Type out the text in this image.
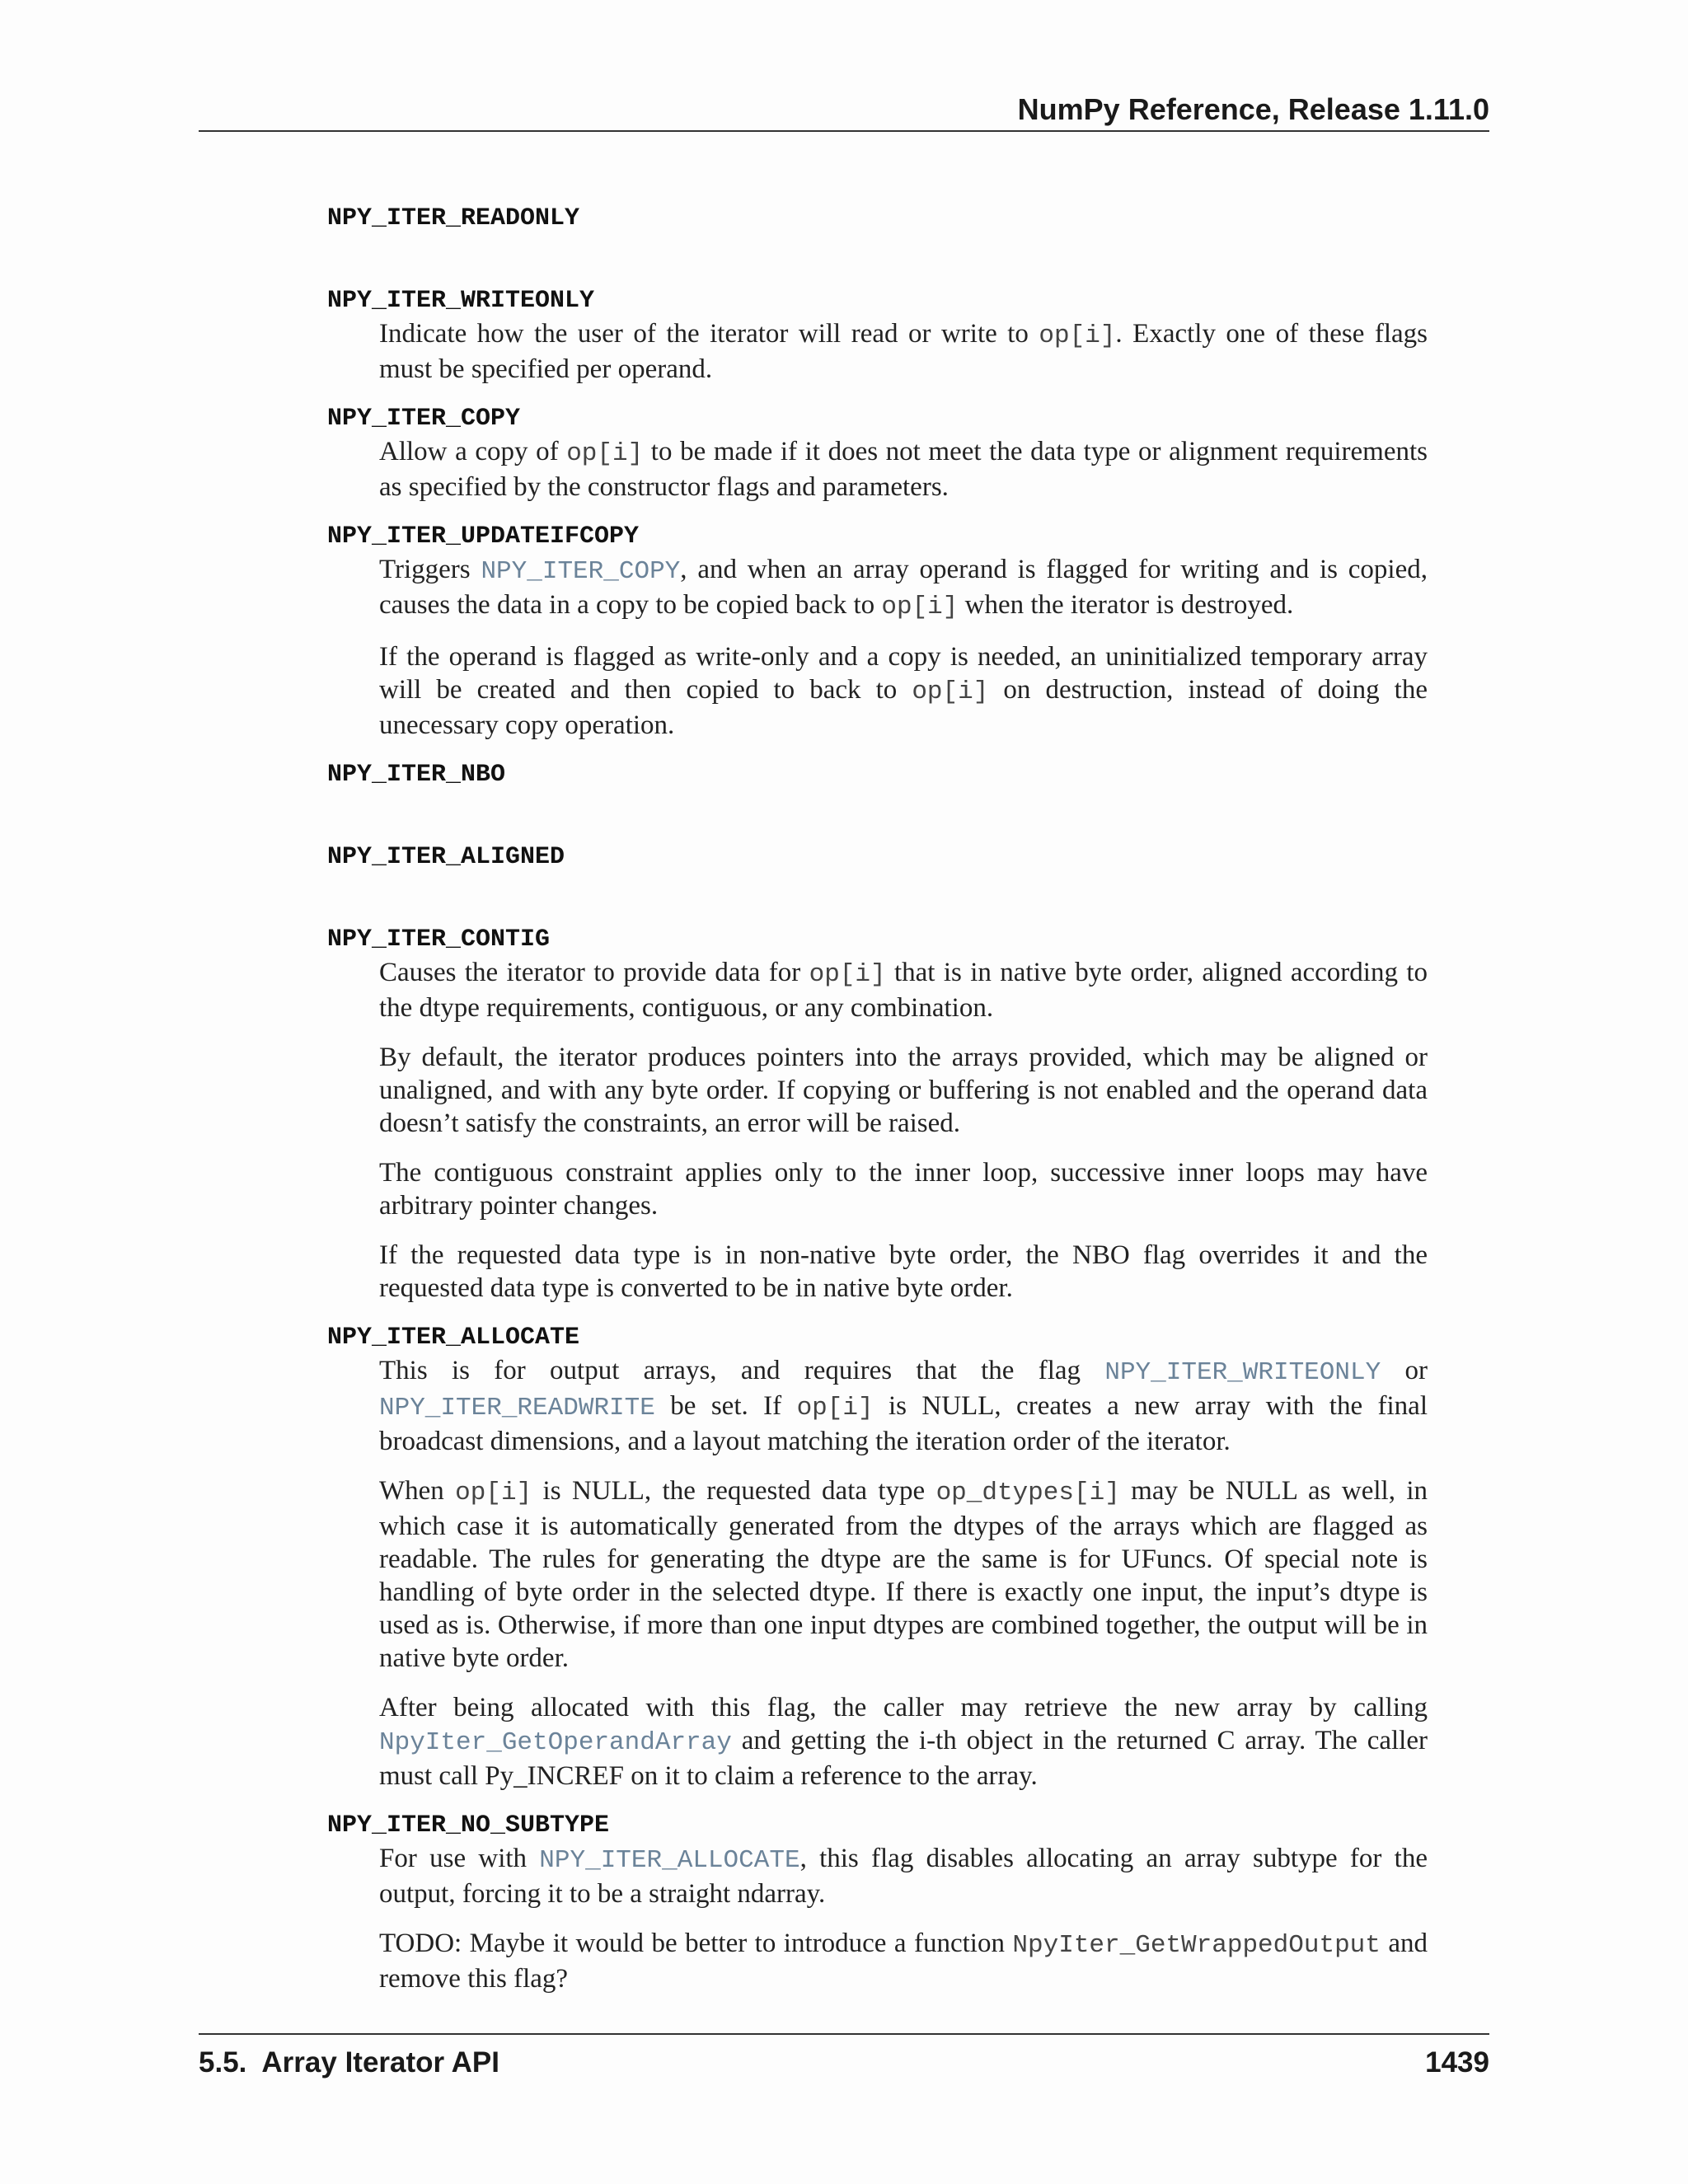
NumPy Reference, Release 1.11.0
NPY_ITER_READONLY
NPY_ITER_WRITEONLY

Indicate how the user of the iterator will read or write to op[i]. Exactly one of these flags must be specified per operand.

NPY_ITER_COPY

Allow a copy of op[i] to be made if it does not meet the data type or alignment requirements as specified by the constructor flags and parameters.

NPY_ITER_UPDATEIFCOPY

Triggers NPY_ITER_COPY, and when an array operand is flagged for writing and is copied, causes the data in a copy to be copied back to op[i] when the iterator is destroyed.

If the operand is flagged as write-only and a copy is needed, an uninitialized temporary array will be created and then copied to back to op[i] on destruction, instead of doing the unecessary copy operation.

NPY_ITER_NBO
NPY_ITER_ALIGNED
NPY_ITER_CONTIG

Causes the iterator to provide data for op[i] that is in native byte order, aligned according to the dtype requirements, contiguous, or any combination.

By default, the iterator produces pointers into the arrays provided, which may be aligned or unaligned, and with any byte order. If copying or buffering is not enabled and the operand data doesn’t satisfy the constraints, an error will be raised.

The contiguous constraint applies only to the inner loop, successive inner loops may have arbitrary pointer changes.

If the requested data type is in non-native byte order, the NBO flag overrides it and the requested data type is converted to be in native byte order.

NPY_ITER_ALLOCATE

This is for output arrays, and requires that the flag NPY_ITER_WRITEONLY or NPY_ITER_READWRITE be set. If op[i] is NULL, creates a new array with the final broadcast dimensions, and a layout matching the iteration order of the iterator.

When op[i] is NULL, the requested data type op_dtypes[i] may be NULL as well, in which case it is automatically generated from the dtypes of the arrays which are flagged as readable. The rules for generating the dtype are the same is for UFuncs. Of special note is handling of byte order in the selected dtype. If there is exactly one input, the input’s dtype is used as is. Otherwise, if more than one input dtypes are combined together, the output will be in native byte order.

After being allocated with this flag, the caller may retrieve the new array by calling NpyIter_GetOperandArray and getting the i-th object in the returned C array. The caller must call Py_INCREF on it to claim a reference to the array.

NPY_ITER_NO_SUBTYPE

For use with NPY_ITER_ALLOCATE, this flag disables allocating an array subtype for the output, forcing it to be a straight ndarray.

TODO: Maybe it would be better to introduce a function NpyIter_GetWrappedOutput and remove this flag?

5.5. Array Iterator API	1439
